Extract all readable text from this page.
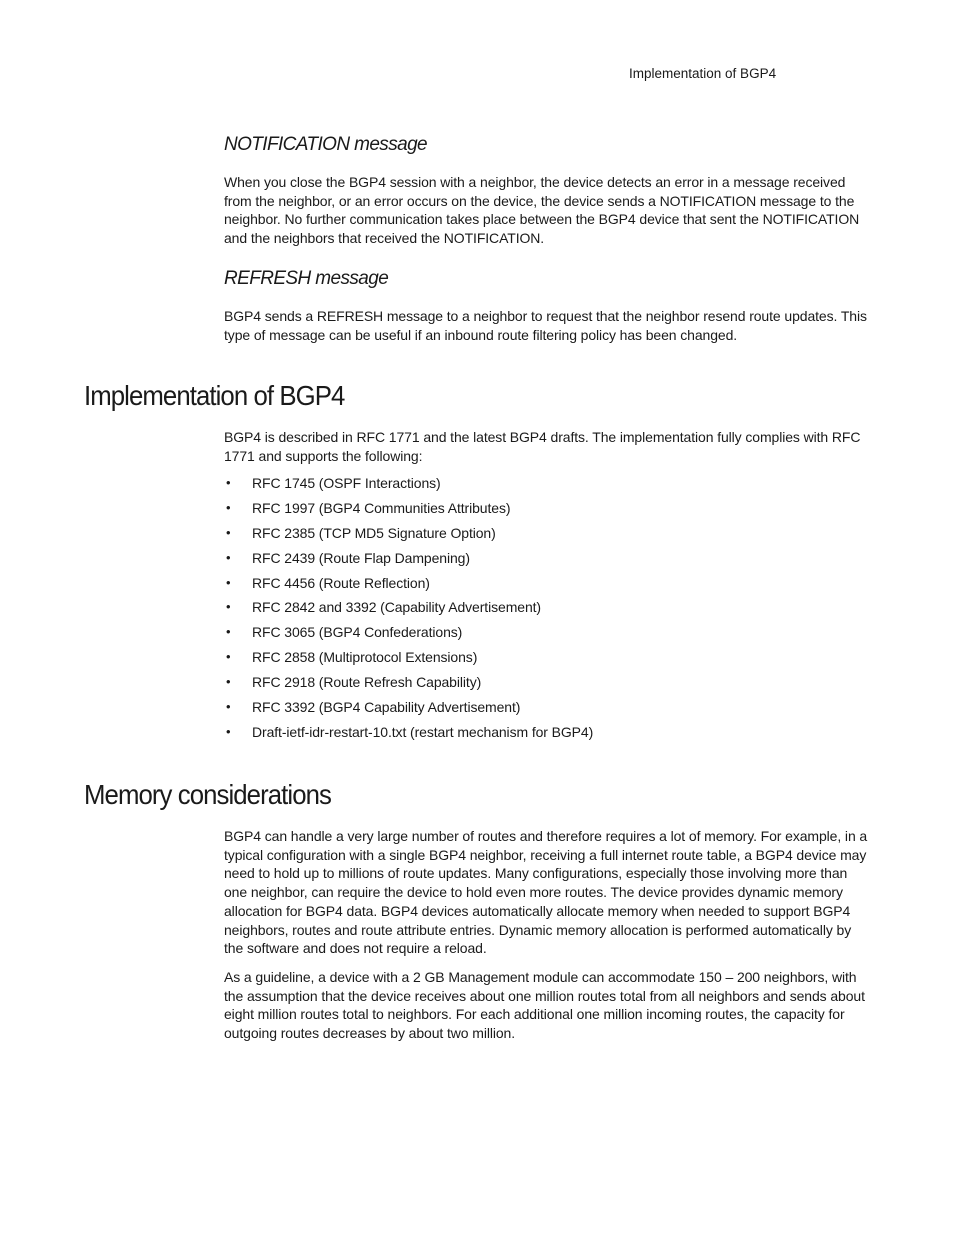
Implementation of BGP4
NOTIFICATION message

When you close the BGP4 session with a neighbor, the device detects an error in a message received from the neighbor, or an error occurs on the device, the device sends a NOTIFICATION message to the neighbor. No further communication takes place between the BGP4 device that sent the NOTIFICATION and the neighbors that received the NOTIFICATION.

REFRESH message

BGP4 sends a REFRESH message to a neighbor to request that the neighbor resend route updates. This type of message can be useful if an inbound route filtering policy has been changed.

Implementation of BGP4

BGP4 is described in RFC 1771 and the latest BGP4 drafts. The implementation fully complies with RFC 1771 and supports the following:

• RFC 1745 (OSPF Interactions)
• RFC 1997 (BGP4 Communities Attributes)
• RFC 2385 (TCP MD5 Signature Option)
• RFC 2439 (Route Flap Dampening)
• RFC 4456 (Route Reflection)
• RFC 2842 and 3392 (Capability Advertisement)
• RFC 3065 (BGP4 Confederations)
• RFC 2858 (Multiprotocol Extensions)
• RFC 2918 (Route Refresh Capability)
• RFC 3392 (BGP4 Capability Advertisement)
• Draft-ietf-idr-restart-10.txt (restart mechanism for BGP4)
Memory considerations

BGP4 can handle a very large number of routes and therefore requires a lot of memory. For example, in a typical configuration with a single BGP4 neighbor, receiving a full internet route table, a BGP4 device may need to hold up to millions of route updates. Many configurations, especially those involving more than one neighbor, can require the device to hold even more routes. The device provides dynamic memory allocation for BGP4 data. BGP4 devices automatically allocate memory when needed to support BGP4 neighbors, routes and route attribute entries. Dynamic memory allocation is performed automatically by the software and does not require a reload.

As a guideline, a device with a 2 GB Management module can accommodate 150 – 200 neighbors, with the assumption that the device receives about one million routes total from all neighbors and sends about eight million routes total to neighbors. For each additional one million incoming routes, the capacity for outgoing routes decreases by about two million.
